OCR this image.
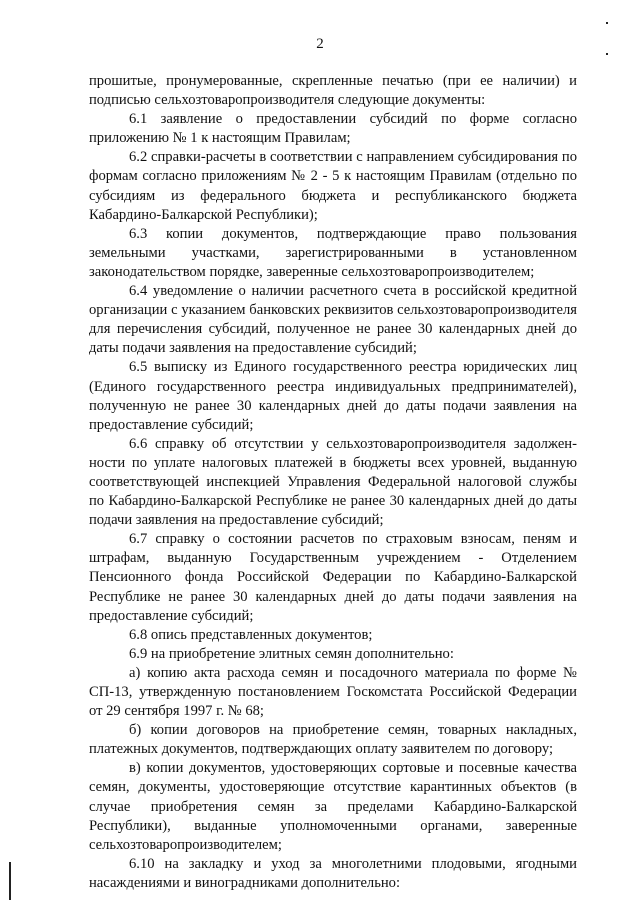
2

прошитые, пронумерованные, скрепленные печатью (при ее наличии) и подписью сельхозтоваропроизводителя следующие документы:

6.1 заявление о предоставлении субсидий по форме согласно приложению № 1 к настоящим Правилам;

6.2 справки-расчеты в соответствии с направлением субсидирования по формам согласно приложениям № 2 - 5 к настоящим Правилам (отдельно по субсидиям из федерального бюджета и республиканского бюджета Кабардино-Балкарской Республики);

6.3 копии документов, подтверждающие право пользования земельными участками, зарегистрированными в установленном законодательством порядке, заверенные сельхозтоваропроизводителем;

6.4 уведомление о наличии расчетного счета в российской кредитной организации с указанием банковских реквизитов сельхозтоваропроизводителя для перечисления субсидий, полученное не ранее 30 календарных дней до даты подачи заявления на предоставление субсидий;

6.5 выписку из Единого государственного реестра юридических лиц (Единого государственного реестра индивидуальных предпринимателей), полученную не ранее 30 календарных дней до даты подачи заявления на предоставление субсидий;

6.6 справку об отсутствии у сельхозтоваропроизводителя задолженности по уплате налоговых платежей в бюджеты всех уровней, выданную соответствующей инспекцией Управления Федеральной налоговой службы по Кабардино-Балкарской Республике не ранее 30 календарных дней до даты подачи заявления на предоставление субсидий;

6.7 справку о состоянии расчетов по страховым взносам, пеням и штрафам, выданную Государственным учреждением - Отделением Пенсионного фонда Российской Федерации по Кабардино-Балкарской Республике не ранее 30 календарных дней до даты подачи заявления на предоставление субсидий;

6.8 опись представленных документов;

6.9 на приобретение элитных семян дополнительно:

а) копию акта расхода семян и посадочного материала по форме № СП-13, утвержденную постановлением Госкомстата Российской Федерации от 29 сентября 1997 г. № 68;

б) копии договоров на приобретение семян, товарных накладных, платежных документов, подтверждающих оплату заявителем по договору;

в) копии документов, удостоверяющих сортовые и посевные качества семян, документы, удостоверяющие отсутствие карантинных объектов (в случае приобретения семян за пределами Кабардино-Балкарской Республики), выданные уполномоченными органами, заверенные сельхозтоваропроизводителем;

6.10 на закладку и уход за многолетними плодовыми, ягодными насаждениями и виноградниками дополнительно:
